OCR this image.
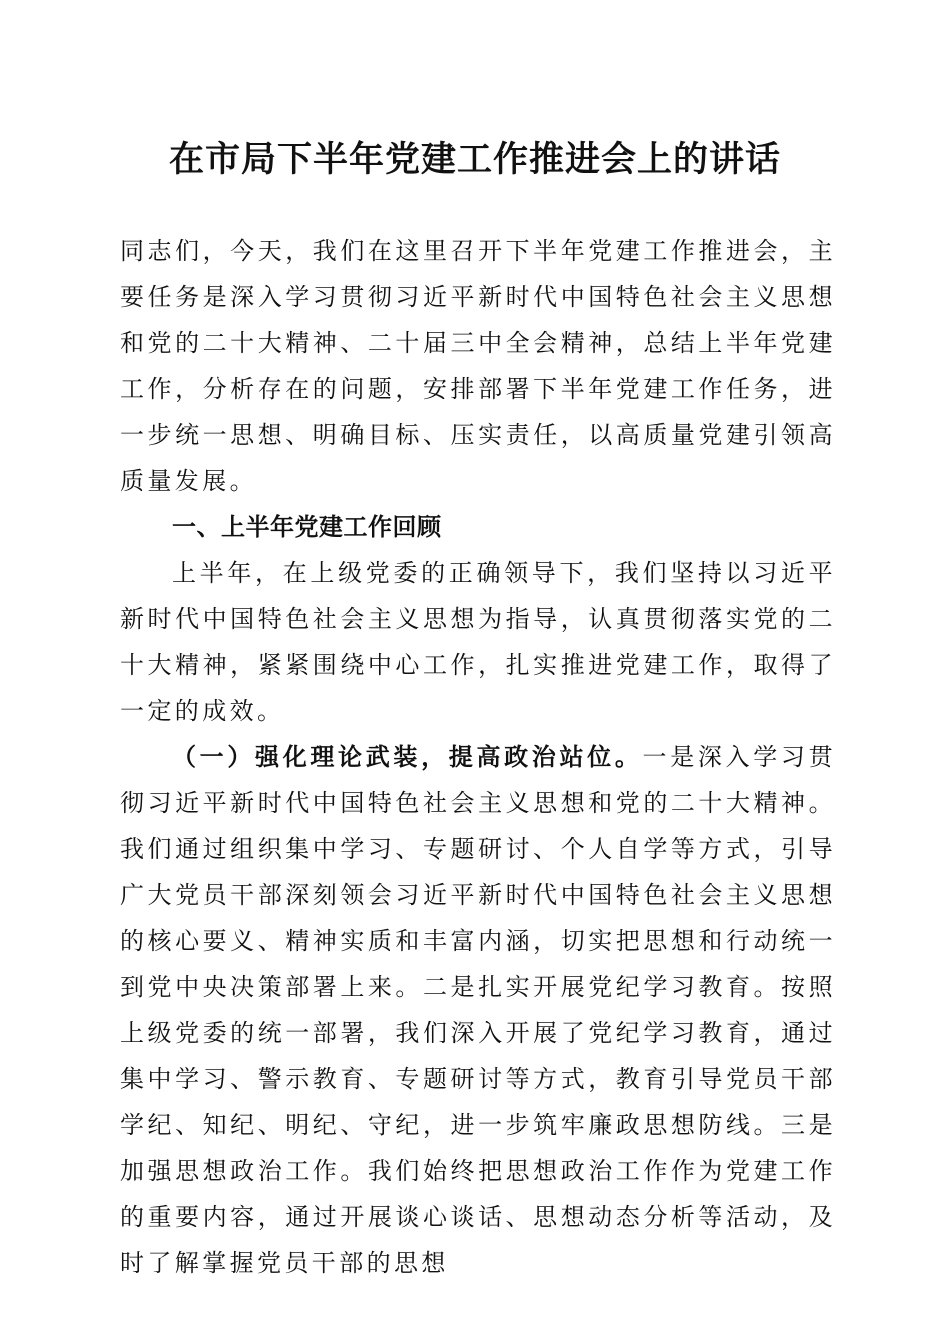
在市局下半年党建工作推进会上的讲话

同志们，今天，我们在这里召开下半年党建工作推进会，主要任务是深入学习贯彻习近平新时代中国特色社会主义思想和党的二十大精神、二十届三中全会精神，总结上半年党建工作，分析存在的问题，安排部署下半年党建工作任务，进一步统一思想、明确目标、压实责任，以高质量党建引领高质量发展。

一、上半年党建工作回顾

上半年，在上级党委的正确领导下，我们坚持以习近平新时代中国特色社会主义思想为指导，认真贯彻落实党的二十大精神，紧紧围绕中心工作，扎实推进党建工作，取得了一定的成效。

（一）强化理论武装，提高政治站位。一是深入学习贯彻习近平新时代中国特色社会主义思想和党的二十大精神。我们通过组织集中学习、专题研讨、个人自学等方式，引导广大党员干部深刻领会习近平新时代中国特色社会主义思想的核心要义、精神实质和丰富内涵，切实把思想和行动统一到党中央决策部署上来。二是扎实开展党纪学习教育。按照上级党委的统一部署，我们深入开展了党纪学习教育，通过集中学习、警示教育、专题研讨等方式，教育引导党员干部学纪、知纪、明纪、守纪，进一步筑牢廉政思想防线。三是加强思想政治工作。我们始终把思想政治工作作为党建工作的重要内容，通过开展谈心谈话、思想动态分析等活动，及时了解掌握党员干部的思想
